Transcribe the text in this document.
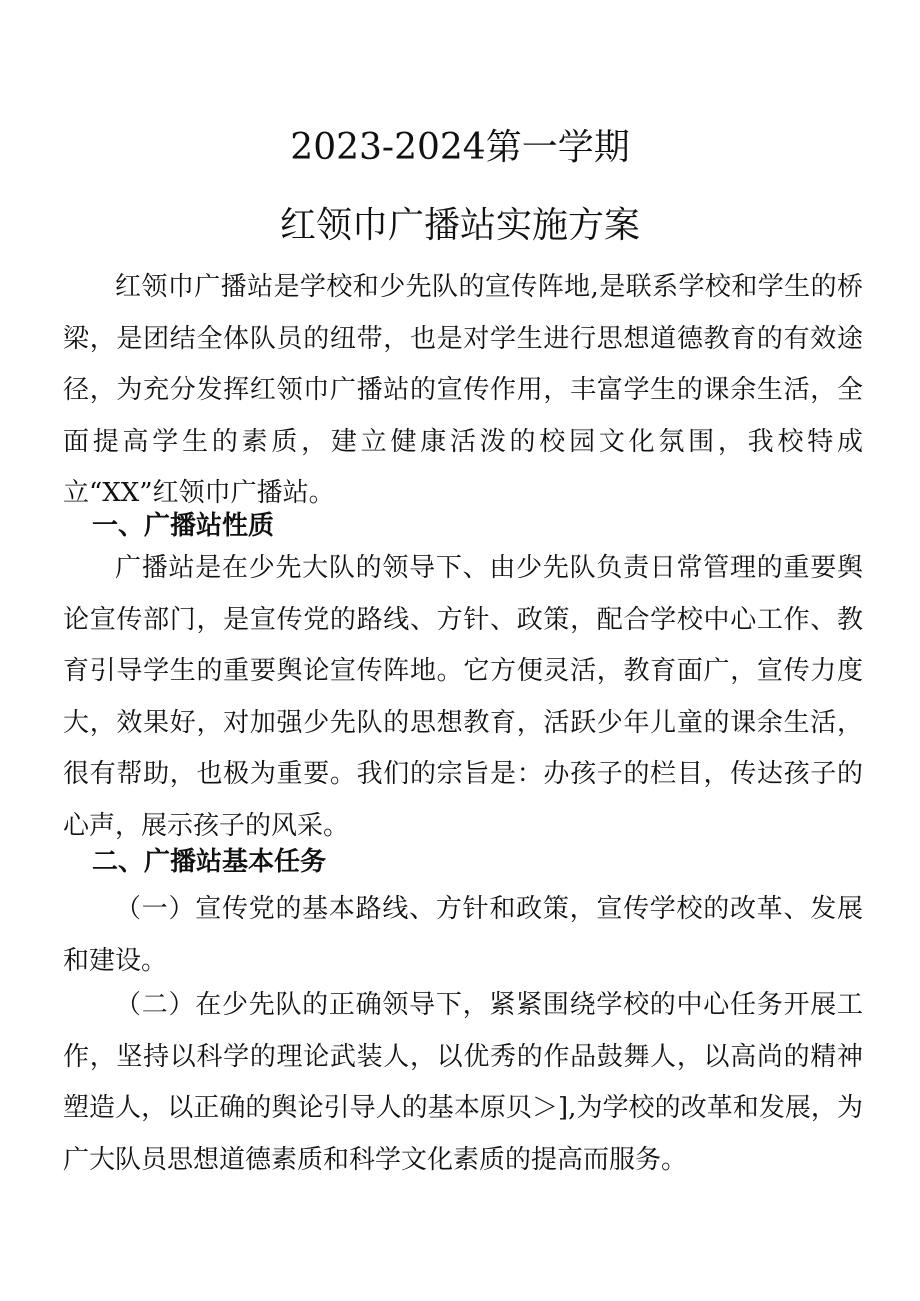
2023-2024第一学期
红领巾广播站实施方案

红领巾广播站是学校和少先队的宣传阵地,是联系学校和学生的桥梁，是团结全体队员的纽带，也是对学生进行思想道德教育的有效途径，为充分发挥红领巾广播站的宣传作用，丰富学生的课余生活，全面提高学生的素质，建立健康活泼的校园文化氛围，我校特成立“XX”红领巾广播站。

一、广播站性质

广播站是在少先大队的领导下、由少先队负责日常管理的重要舆论宣传部门，是宣传党的路线、方针、政策，配合学校中心工作、教育引导学生的重要舆论宣传阵地。它方便灵活，教育面广，宣传力度大，效果好，对加强少先队的思想教育，活跃少年儿童的课余生活，很有帮助，也极为重要。我们的宗旨是：办孩子的栏目，传达孩子的心声，展示孩子的风采。

二、广播站基本任务

（一）宣传党的基本路线、方针和政策，宣传学校的改革、发展和建设。

（二）在少先队的正确领导下，紧紧围绕学校的中心任务开展工作，坚持以科学的理论武装人，以优秀的作品鼓舞人，以高尚的精神塑造人，以正确的舆论引导人的基本原贝＞],为学校的改革和发展，为广大队员思想道德素质和科学文化素质的提高而服务。
